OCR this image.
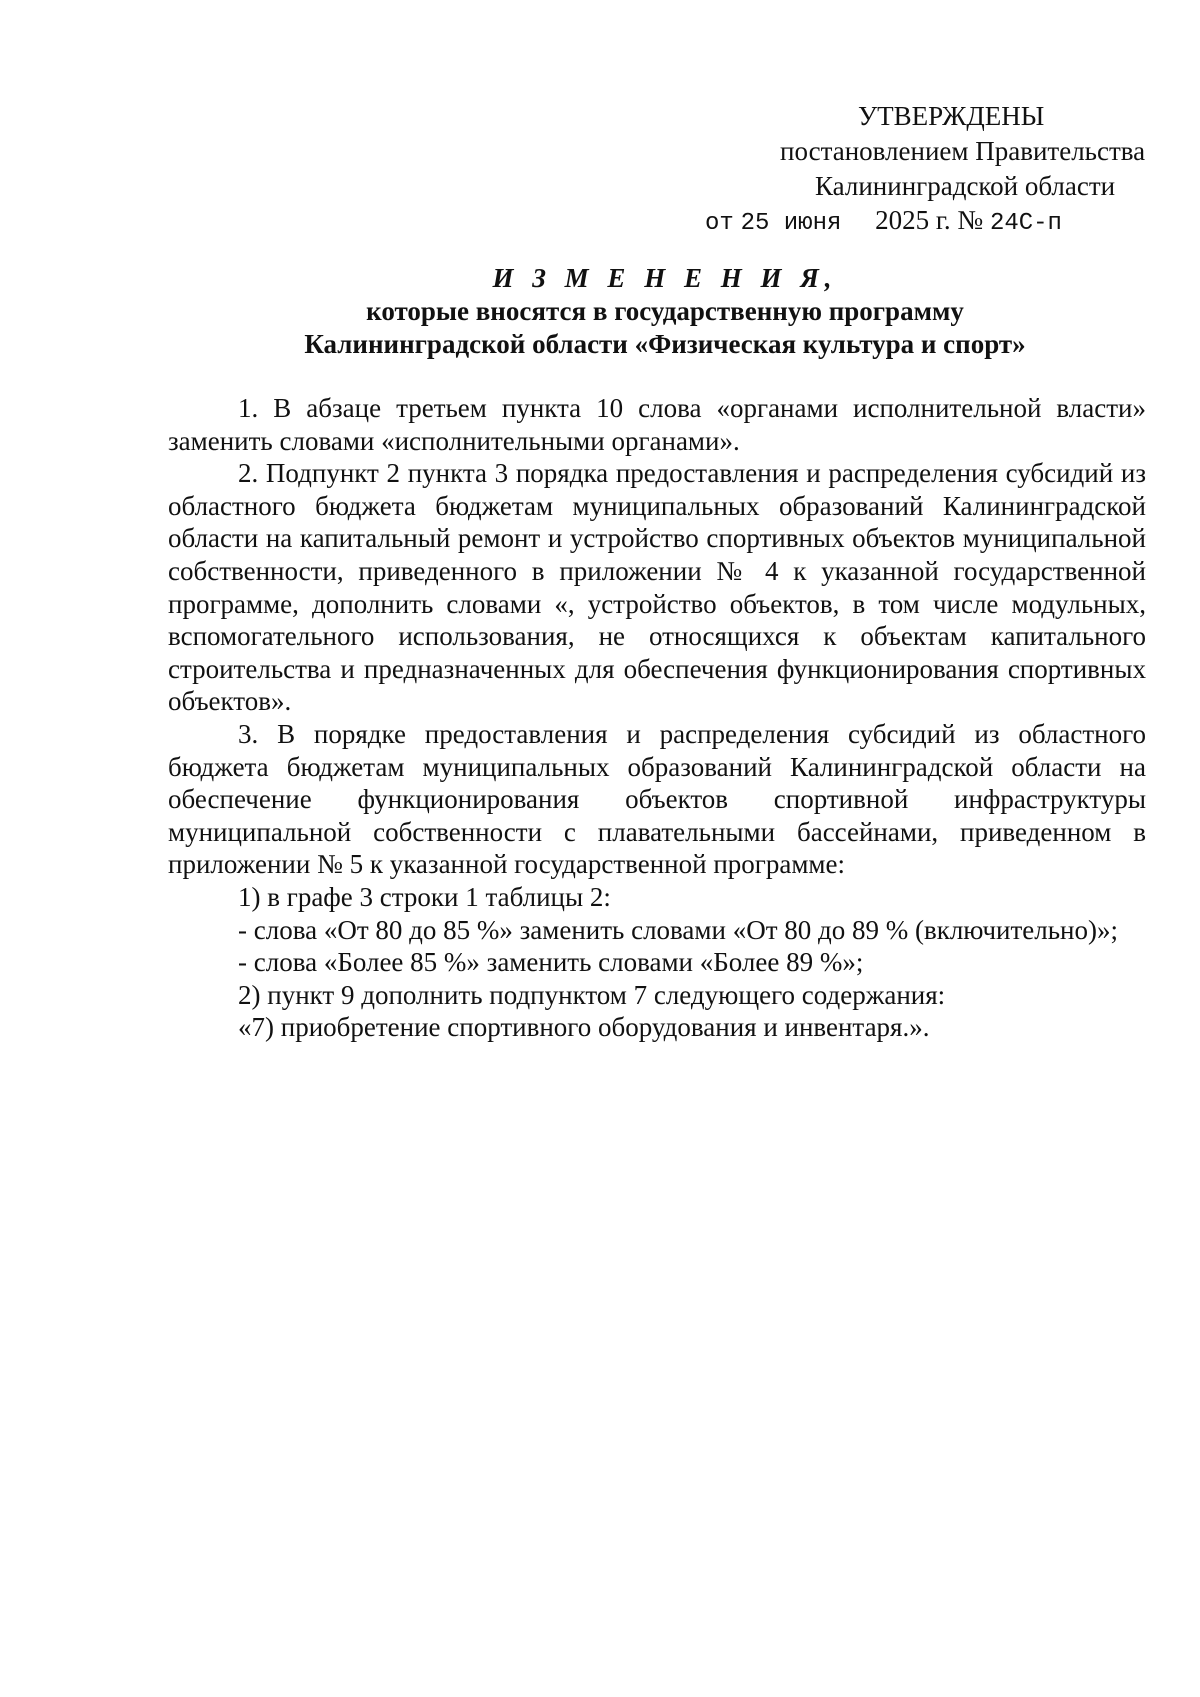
УТВЕРЖДЕНЫ
постановлением Правительства
Калининградской области
от 25 июня 2025 г. № 24С-п
И З М Е Н Е Н И Я,
которые вносятся в государственную программу
Калининградской области «Физическая культура и спорт»

1. В абзаце третьем пункта 10 слова «органами исполнительной власти» заменить словами «исполнительными органами».

2. Подпункт 2 пункта 3 порядка предоставления и распределения субсидий из областного бюджета бюджетам муниципальных образований Калининградской области на капитальный ремонт и устройство спортивных объектов муниципальной собственности, приведенного в приложении № 4 к указанной государственной программе, дополнить словами «, устройство объектов, в том числе модульных, вспомогательного использования, не относящихся к объектам капитального строительства и предназначенных для обеспечения функционирования спортивных объектов».

3. В порядке предоставления и распределения субсидий из областного бюджета бюджетам муниципальных образований Калининградской области на обеспечение функционирования объектов спортивной инфраструктуры муниципальной собственности с плавательными бассейнами, приведенном в приложении № 5 к указанной государственной программе:

1) в графе 3 строки 1 таблицы 2:

- слова «От 80 до 85 %» заменить словами «От 80 до 89 % (включительно)»;

- слова «Более 85 %» заменить словами «Более 89 %»;

2) пункт 9 дополнить подпунктом 7 следующего содержания:

«7) приобретение спортивного оборудования и инвентаря.».
